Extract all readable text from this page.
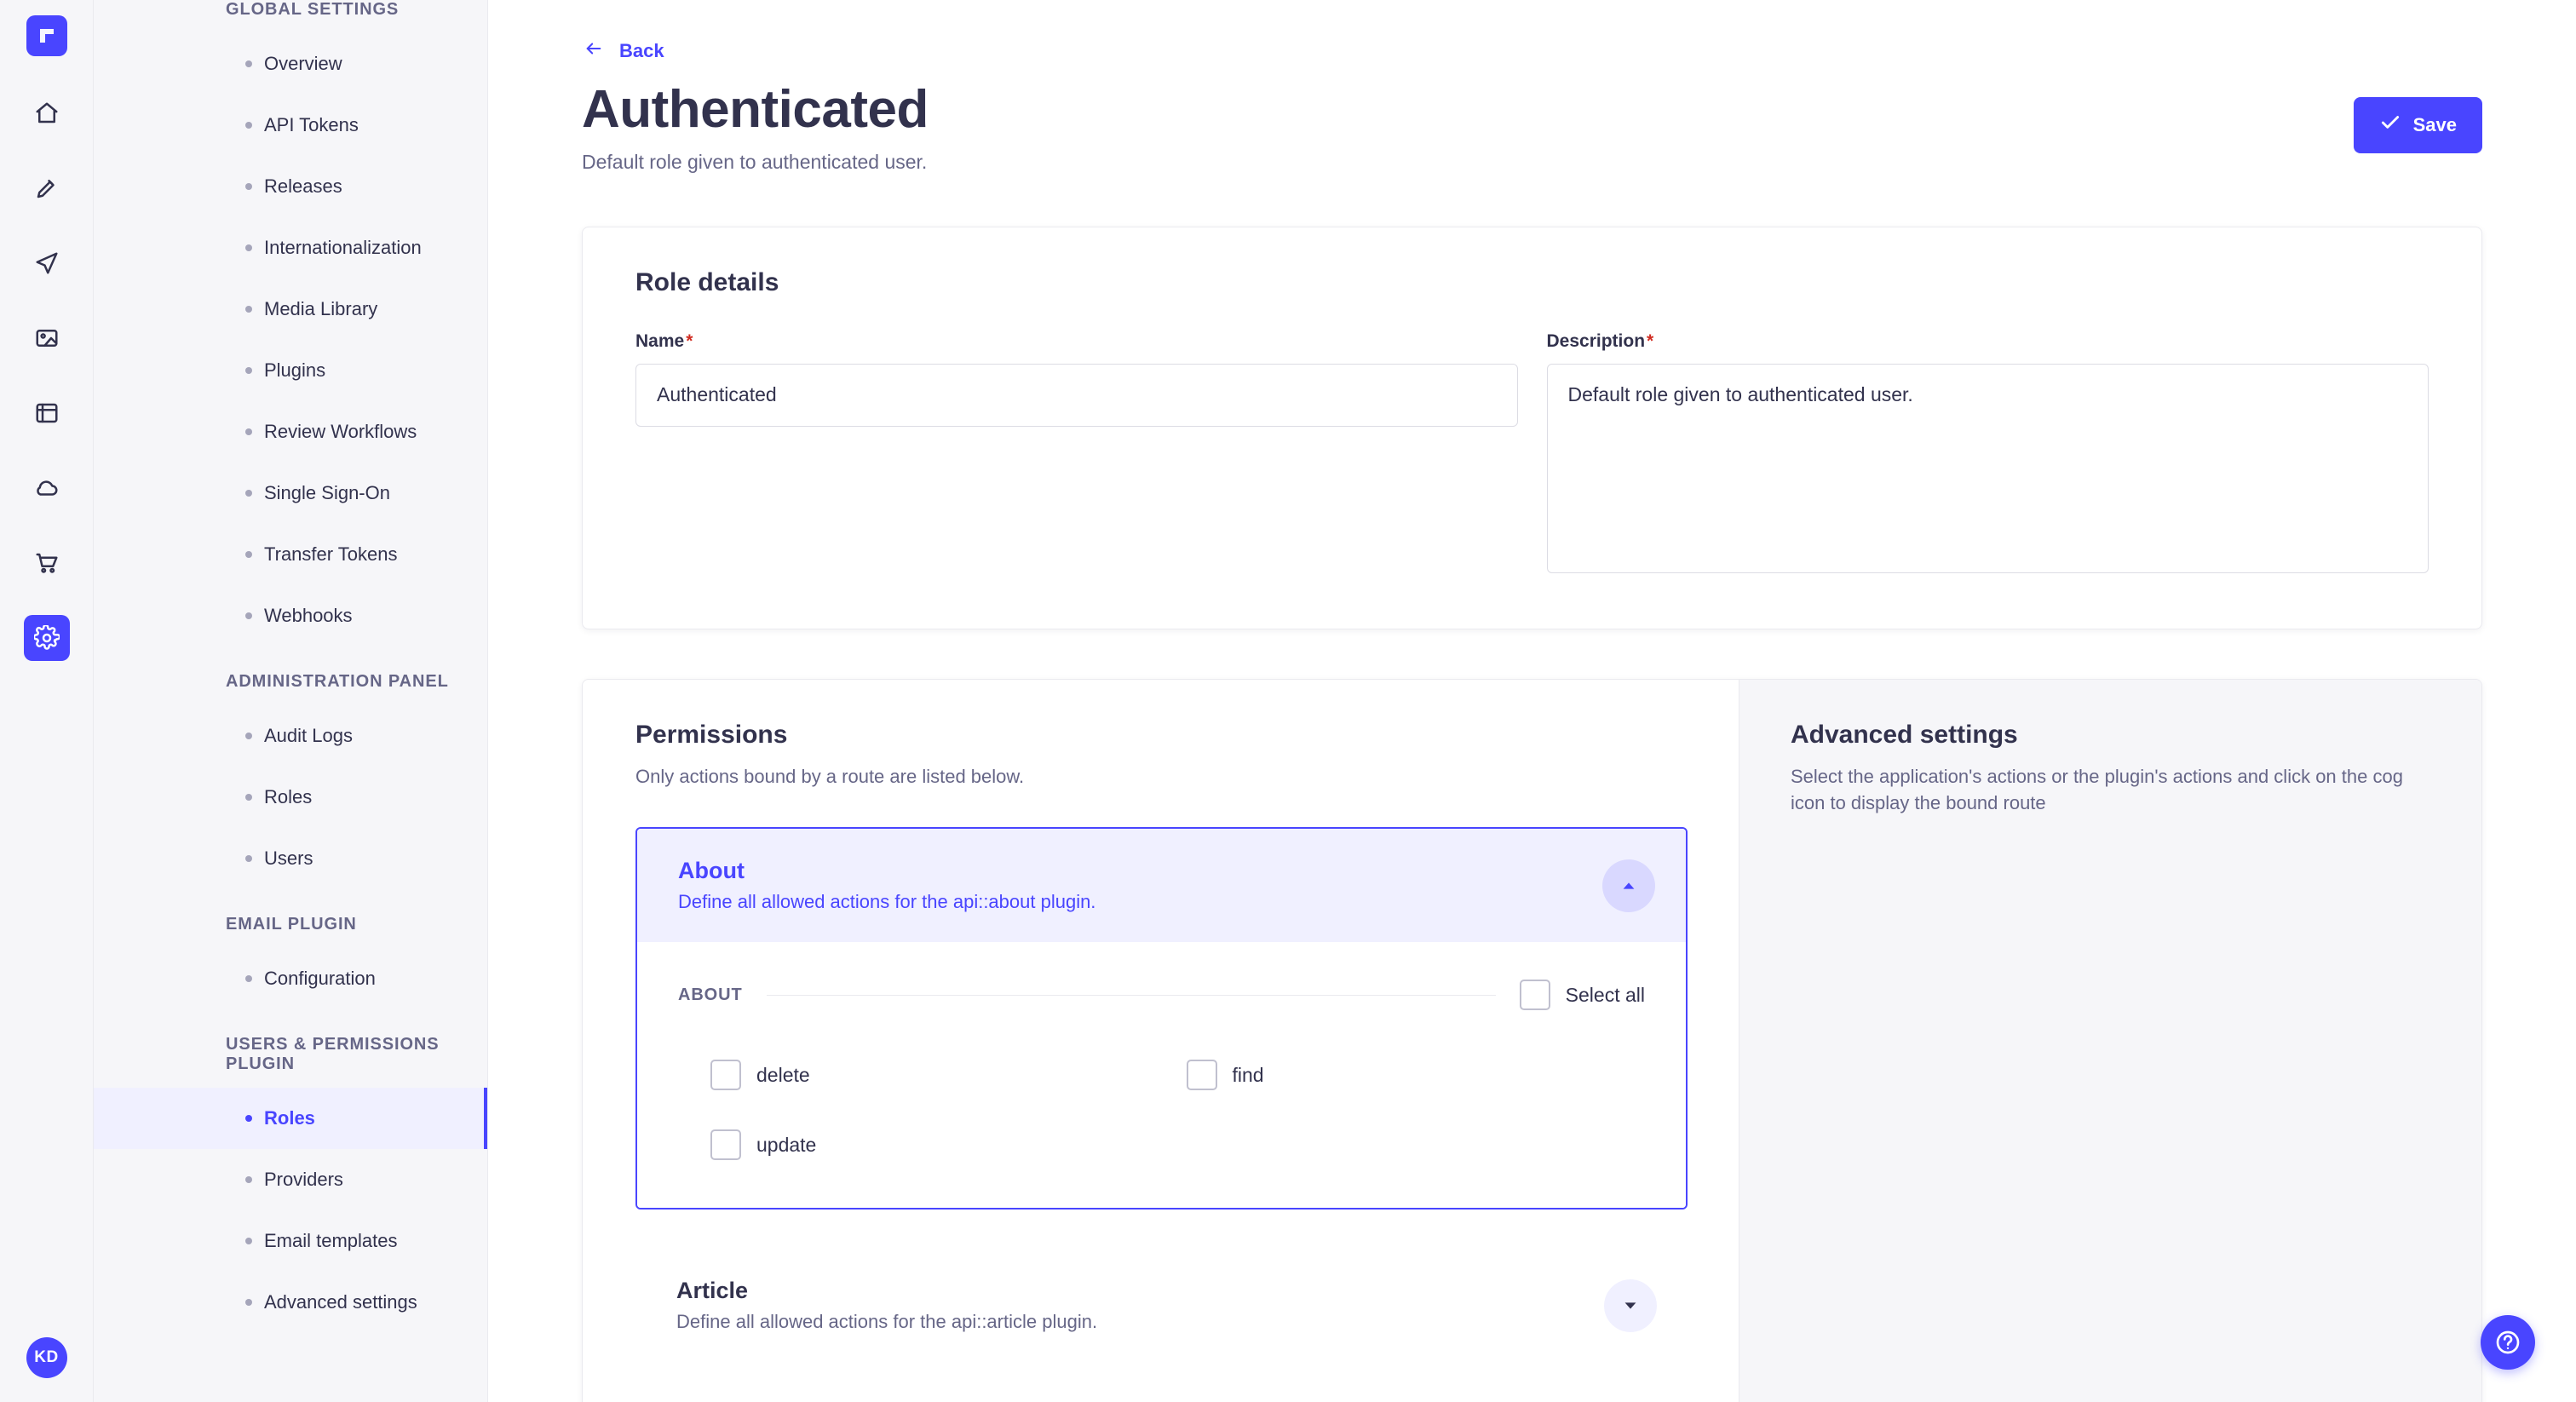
KD
GLOBAL SETTINGS
Overview
API Tokens
Releases
Internationalization
Media Library
Plugins
Review Workflows
Single Sign-On
Transfer Tokens
Webhooks
ADMINISTRATION PANEL
Audit Logs
Roles
Users
EMAIL PLUGIN
Configuration
USERS & PERMISSIONS PLUGIN
Roles
Providers
Email templates
Advanced settings
Back
Authenticated
Default role given to authenticated user.
Save
Role details
Name*
Authenticated	Description*
Default role given to authenticated user.
Permissions
Only actions bound by a route are listed below.
About
Define all allowed actions for the api::about plugin.
ABOUT	Select all
delete	find
update
Article
Define all allowed actions for the api::article plugin.
Advanced settings
Select the application's actions or the plugin's actions and click on the cog icon to display the bound route
